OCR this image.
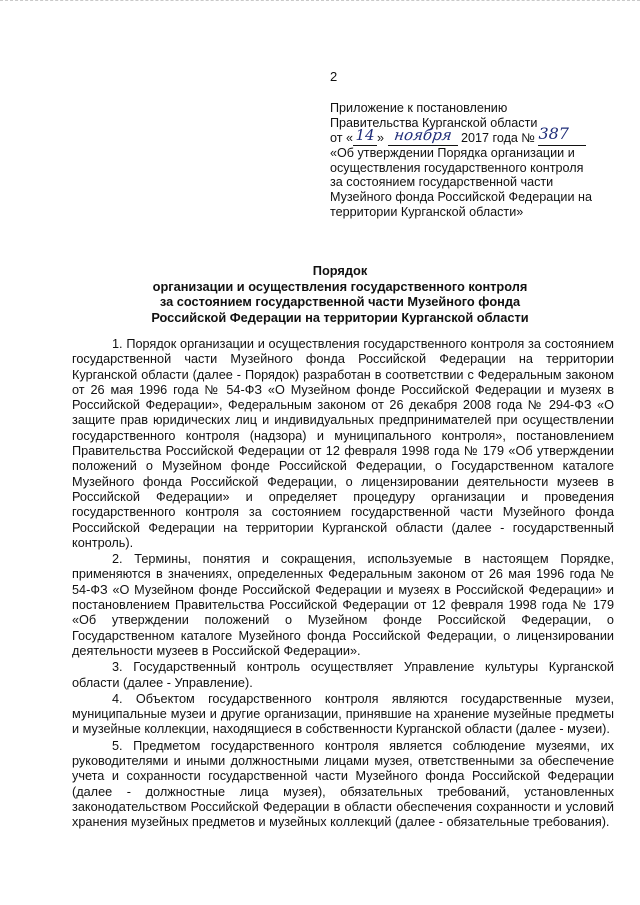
2
Приложение к постановлению
Правительства Курганской области
от « 14 » ноября 2017 года № 387
«Об утверждении Порядка организации и
осуществления государственного контроля
за состоянием государственной части
Музейного фонда Российской Федерации на
территории Курганской области»
Порядок
организации и осуществления государственного контроля
за состоянием государственной части Музейного фонда
Российской Федерации на территории Курганской области

1. Порядок организации и осуществления государственного контроля за состоянием государственной части Музейного фонда Российской Федерации на территории Курганской области (далее - Порядок) разработан в соответствии с Федеральным законом от 26 мая 1996 года № 54-ФЗ «О Музейном фонде Российской Федерации и музеях в Российской Федерации», Федеральным законом от 26 декабря 2008 года № 294-ФЗ «О защите прав юридических лиц и индивидуальных предпринимателей при осуществлении государственного контроля (надзора) и муниципального контроля», постановлением Правительства Российской Федерации от 12 февраля 1998 года № 179 «Об утверждении положений о Музейном фонде Российской Федерации, о Государственном каталоге Музейного фонда Российской Федерации, о лицензировании деятельности музеев в Российской Федерации» и определяет процедуру организации и проведения государственного контроля за состоянием государственной части Музейного фонда Российской Федерации на территории Курганской области (далее - государственный контроль).

2. Термины, понятия и сокращения, используемые в настоящем Порядке, применяются в значениях, определенных Федеральным законом от 26 мая 1996 года № 54-ФЗ «О Музейном фонде Российской Федерации и музеях в Российской Федерации» и постановлением Правительства Российской Федерации от 12 февраля 1998 года № 179 «Об утверждении положений о Музейном фонде Российской Федерации, о Государственном каталоге Музейного фонда Российской Федерации, о лицензировании деятельности музеев в Российской Федерации».

3. Государственный контроль осуществляет Управление культуры Курганской области (далее - Управление).

4. Объектом государственного контроля являются государственные музеи, муниципальные музеи и другие организации, принявшие на хранение музейные предметы и музейные коллекции, находящиеся в собственности Курганской области (далее - музеи).

5. Предметом государственного контроля является соблюдение музеями, их руководителями и иными должностными лицами музея, ответственными за обеспечение учета и сохранности государственной части Музейного фонда Российской Федерации (далее - должностные лица музея), обязательных требований, установленных законодательством Российской Федерации в области обеспечения сохранности и условий хранения музейных предметов и музейных коллекций (далее - обязательные требования).
